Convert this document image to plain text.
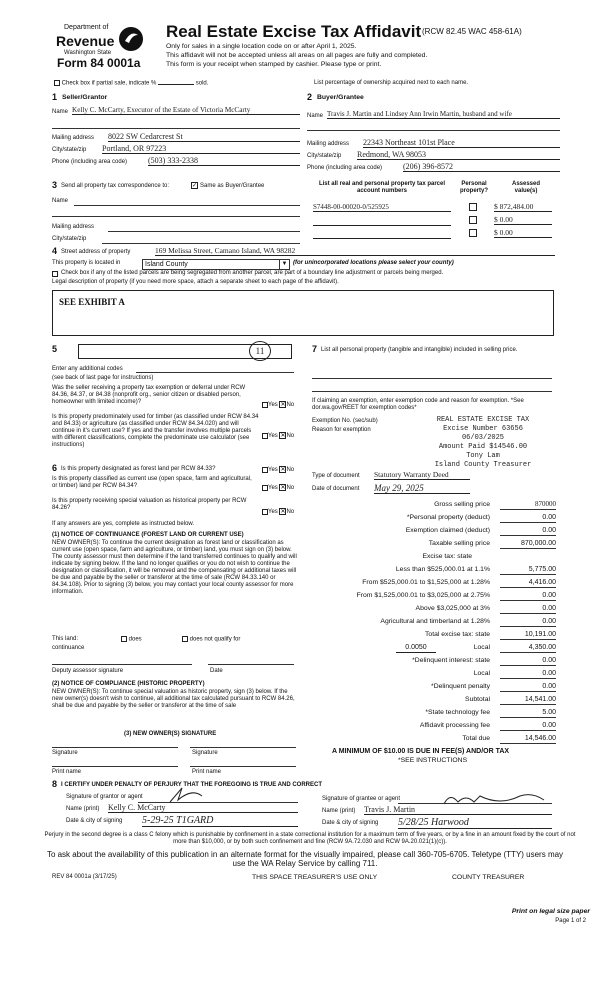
Department of
Revenue
Washington State
Form 84 0001a
Real Estate Excise Tax Affidavit (RCW 82.45 WAC 458-61A)
Only for sales in a single location code on or after April 1, 2025.
This affidavit will not be accepted unless all areas on all pages are fully and completed.
This form is your receipt when stamped by cashier. Please type or print.
Check box if partial sale, indicate %	sold.	List percentage of ownership acquired next to each name.
1 Seller/Grantor
Name Kelly C. McCarty, Executor of the Estate of Victoria McCarty
Mailing address 8022 SW Cedarcrest St
City/state/zip Portland, OR 97223
Phone (including area code)	(503) 333-2338
2 Buyer/Grantee
Name Travis J. Martin and Lindsey Ann Irwin Martin, husband and wife
Mailing address 22343 Northeast 101st Place
City/state/zip Redmond, WA 98053
Phone (including area code)	(206) 396-8572
3 Send all property tax correspondence to:	✓ Same as Buyer/Grantee
Name
Mailing address
City/state/zip
List all real and personal property tax parcel account numbers
Personal property?
Assessed value(s)
S7448-00-00020-0/525925	$ 872,484.00
$ 0.00
$ 0.00
4 Street address of property	169 Melissa Street, Camano Island, WA 98282
This property is located in	Island County	▼ (for unincorporated locations please select your county)
Check box if any of the listed parcels are being segregated from another parcel, are part of a boundary line adjustment or parcels being merged.
Legal description of property (if you need more space, attach a separate sheet to each page of the affidavit).
SEE EXHIBIT A
5	11
Enter any additional codes
(see back of last page for instructions)
Was the seller receiving a property tax exemption or deferral under RCW 84.36, 84.37, or 84.38 (nonprofit org., senior citizen or disabled person, homeowner with limited income)?
Yes ✕No
Is this property predominately used for timber (as classified under RCW 84.34 and 84.33) or agriculture (as classified under RCW 84.34.020) and will continue in it's current use? If yes and the transfer involves multiple parcels with different classifications, complete the predominate use calculator (see instructions)
Yes ✕No
6 Is this property designated as forest land per RCW 84.33?	Yes ✕No
Is this property classified as current use (open space, farm and agricultural, or timber) land per RCW 84.34?	Yes ✕No
Is this property receiving special valuation as historical property per RCW 84.26?
Yes ✕No
If any answers are yes, complete as instructed below.
(1) NOTICE OF CONTINUANCE (FOREST LAND OR CURRENT USE)
NEW OWNER(S): To continue the current designation as forest land or classification as current use (open space, farm and agriculture, or timber) land, you must sign on (3) below. The county assessor must then determine if the land transferred continues to qualify and will indicate by signing below. If the land no longer qualifies or you do not wish to continue the designation or classification, it will be removed and the compensating or additional taxes will be due and payable by the seller or transferor at the time of sale (RCW 84.33.140 or 84.34.108). Prior to signing (3) below, you may contact your local county assessor for more information.
This land:	does	does not qualify for
continuance
Deputy assessor signature	Date
(2) NOTICE OF COMPLIANCE (HISTORIC PROPERTY)
NEW OWNER(S): To continue special valuation as historic property, sign (3) below. If the new owner(s) doesn't wish to continue, all additional tax calculated pursuant to RCW 84.26, shall be due and payable by the seller or transferor at the time of sale
(3) NEW OWNER(S) SIGNATURE
Signature	Signature
Print name	Print name
7 List all personal property (tangible and intangible) included in selling price.
If claiming an exemption, enter exemption code and reason for exemption. *See dor.wa.gov/REET for exemption codes*
Exemption No. (sec/sub)
Reason for exemption
REAL ESTATE EXCISE TAX
Excise Number 63656
06/03/2025
Amount Paid $14546.00
Tony Lam
Island County Treasurer
Type of document Statutory Warranty Deed
Date of document May 29, 2025
Gross selling price	870000
*Personal property (deduct)	0.00
Exemption claimed (deduct)	0.00
Taxable selling price	870,000.00
Excise tax: state
Less than $525,000.01 at 1.1%	5,775.00
From $525,000.01 to $1,525,000 at 1.28%	4,416.00
From $1,525,000.01 to $3,025,000 at 2.75%	0.00
Above $3,025,000 at 3%	0.00
Agricultural and timberland at 1.28%	0.00
Total excise tax: state	10,191.00
0.0050	Local	4,350.00
*Delinquent interest: state	0.00
Local	0.00
*Delinquent penalty	0.00
Subtotal	14,541.00
*State technology fee	5.00
Affidavit processing fee	0.00
Total due	14,546.00
A MINIMUM OF $10.00 IS DUE IN FEE(S) AND/OR TAX
*SEE INSTRUCTIONS
8 I CERTIFY UNDER PENALTY OF PERJURY THAT THE FOREGOING IS TRUE AND CORRECT
Signature of grantor or agent
Name (print) Kelly C. McCarty
Date & city of signing 5-29-25 T1GARD
Signature of grantee or agent
Name (print) Travis J. Martin
Date & city of signing 5/28/25 Harwood
Perjury in the second degree is a class C felony which is punishable by confinement in a state correctional institution for a maximum term of five years, or by a fine in an amount fixed by the court of not more than $10,000, or by both such confinement and fine (RCW 9A.72.030 and RCW 9A.20.021(1)(c)).
To ask about the availability of this publication in an alternate format for the visually impaired, please call 360-705-6705. Teletype (TTY) users may use the WA Relay Service by calling 711.
REV 84 0001a (3/17/25)	THIS SPACE TREASURER'S USE ONLY	COUNTY TREASURER
Print on legal size paper
Page 1 of 2
